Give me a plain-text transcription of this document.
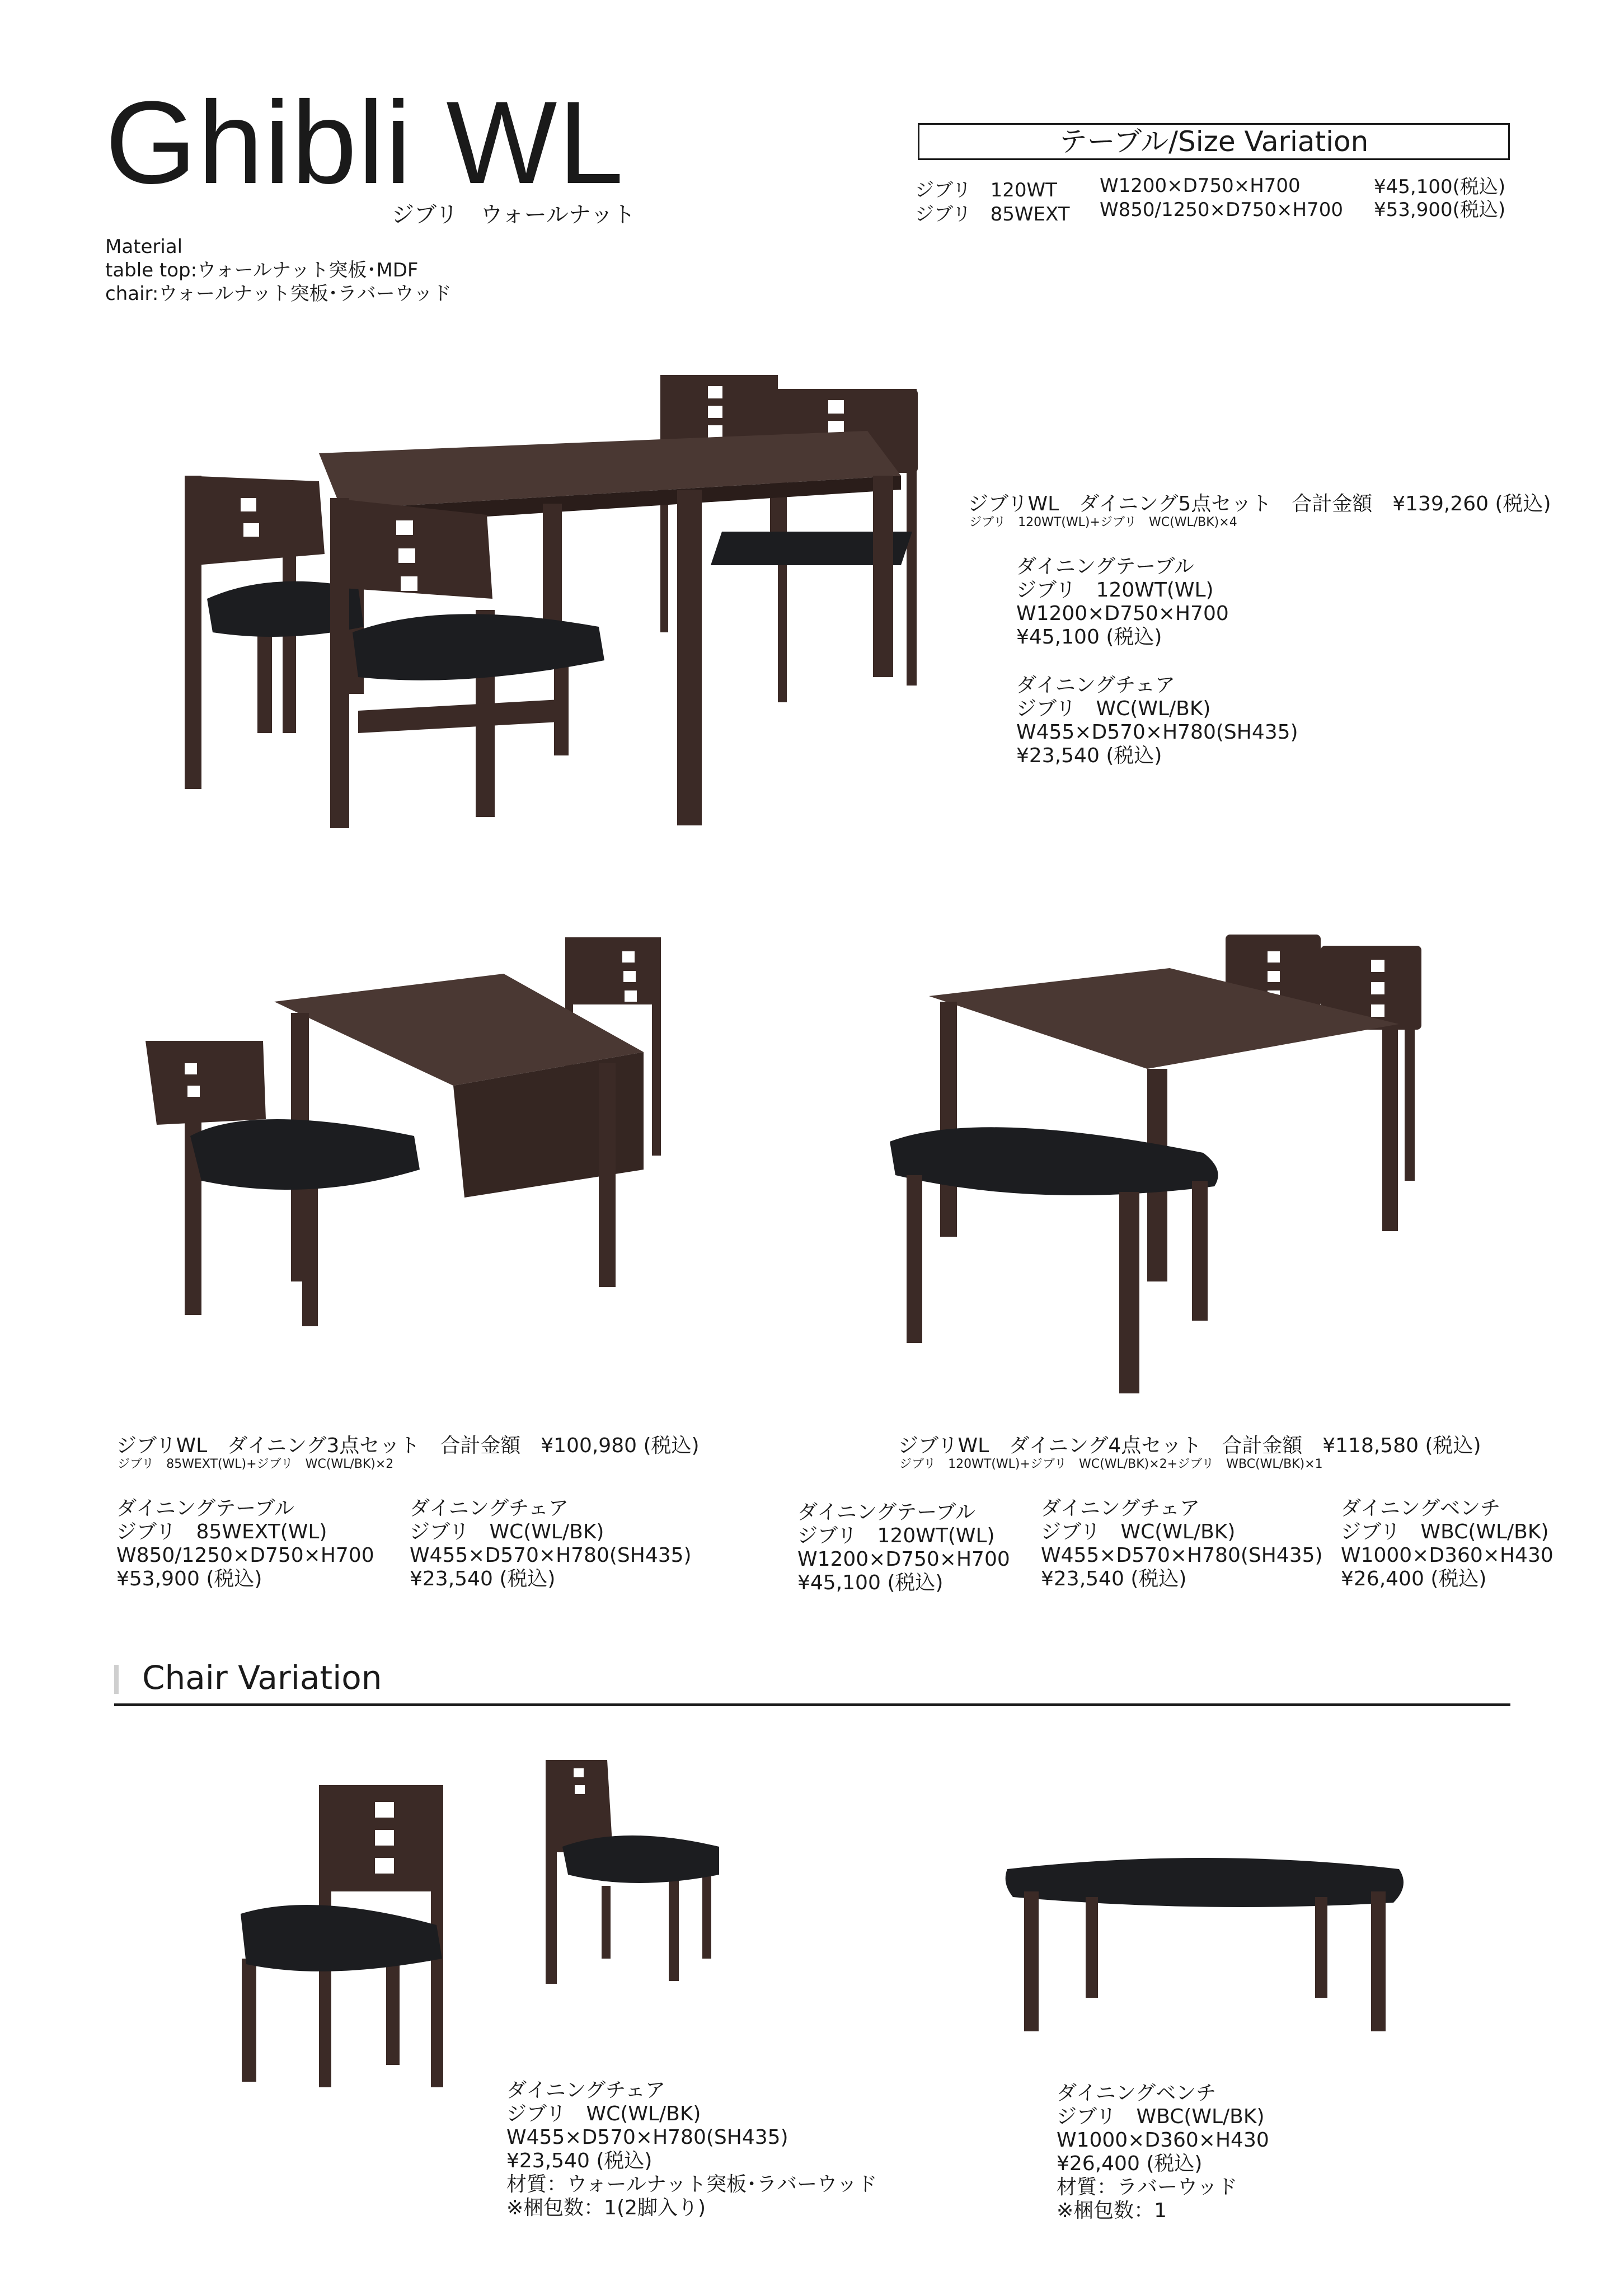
Ghibli WL
ジブリ　ウォールナット
Material
table top:ウォールナット突板･MDF
chair:ウォールナット突板･ラバーウッド
テーブル/Size Variation
ジブリ　120WT W1200×D750×H700	¥45,100(税込)
ジブリ　85WEXT W850/1250×D750×H700 ¥53,900(税込)
ジブリWL　ダイニング5点セット　合計金額　¥139,260 (税込)
ジブリ　120WT(WL)+ジブリ　WC(WL/BK)×4
ダイニングテーブル
ジブリ　120WT(WL)
W1200×D750×H700
¥45,100 (税込)
ダイニングチェア
ジブリ　WC(WL/BK)
W455×D570×H780(SH435)
¥23,540 (税込)
ジブリWL　ダイニング3点セット　合計金額　¥100,980 (税込)
ジブリ　85WEXT(WL)+ジブリ　WC(WL/BK)×2
ダイニングテーブル
ジブリ　85WEXT(WL)
W850/1250×D750×H700
¥53,900 (税込)
ダイニングチェア
ジブリ　WC(WL/BK)
W455×D570×H780(SH435)
¥23,540 (税込)
ジブリWL　ダイニング4点セット　合計金額　¥118,580 (税込)
ジブリ　120WT(WL)+ジブリ　WC(WL/BK)×2+ジブリ　WBC(WL/BK)×1
ダイニングテーブル
ジブリ　120WT(WL)
W1200×D750×H700
¥45,100 (税込)
ダイニングチェア
ジブリ　WC(WL/BK)
W455×D570×H780(SH435)
¥23,540 (税込)
ダイニングベンチ
ジブリ　WBC(WL/BK)
W1000×D360×H430
¥26,400 (税込)
Chair Variation
ダイニングチェア
ジブリ　WC(WL/BK)
W455×D570×H780(SH435)
¥23,540 (税込)
材質：ウォールナット突板･ラバーウッド
※梱包数：1(2脚入り)
ダイニングベンチ
ジブリ　WBC(WL/BK)
W1000×D360×H430
¥26,400 (税込)
材質：ラバーウッド
※梱包数：1
